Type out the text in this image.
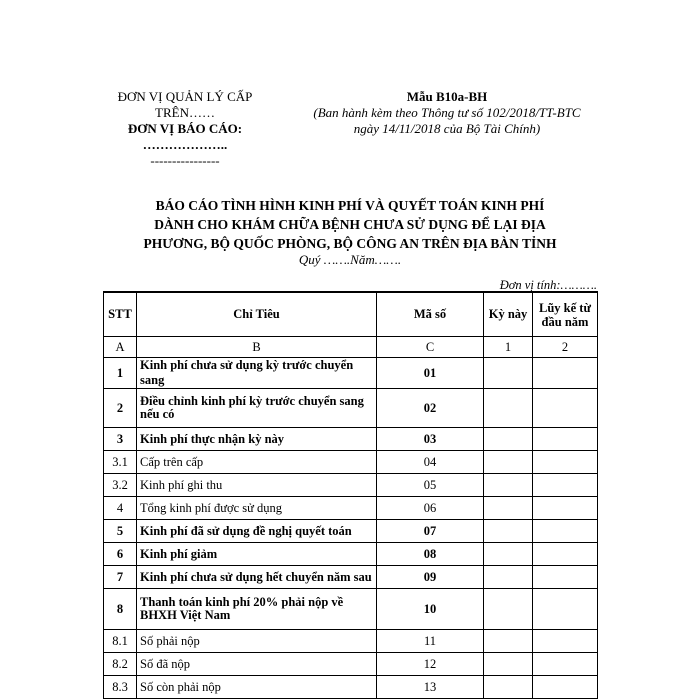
ĐƠN VỊ QUẢN LÝ CẤP
TRÊN……
ĐƠN VỊ BÁO CÁO:
………………..
----------------
Mẫu B10a-BH
(Ban hành kèm theo Thông tư số 102/2018/TT-BTC
ngày 14/11/2018 của Bộ Tài Chính)
BÁO CÁO TÌNH HÌNH KINH PHÍ VÀ QUYẾT TOÁN KINH PHÍ
DÀNH CHO KHÁM CHỮA BỆNH CHƯA SỬ DỤNG ĐỂ LẠI ĐỊA
PHƯƠNG, BỘ QUỐC PHÒNG, BỘ CÔNG AN TRÊN ĐỊA BÀN TỈNH
Quý …….Năm…….
Đơn vị tính:……….
STT	Chỉ Tiêu	Mã số	Kỳ này	Lũy kế từ đầu năm
A	B	C	1	2
1	Kinh phí chưa sử dụng kỳ trước chuyển sang	01		
2	Điều chỉnh kinh phí kỳ trước chuyển sang nếu có	02		
3	Kinh phí thực nhận kỳ này	03		
3.1	Cấp trên cấp	04		
3.2	Kinh phí ghi thu	05		
4	Tổng kinh phí được sử dụng	06		
5	Kinh phí đã sử dụng đề nghị quyết toán	07		
6	Kinh phí giảm	08		
7	Kinh phí chưa sử dụng hết chuyển năm sau	09		
8	Thanh toán kinh phí 20% phải nộp về BHXH Việt Nam	10		
8.1	Số phải nộp	11		
8.2	Số đã nộp	12		
8.3	Số còn phải nộp	13		
